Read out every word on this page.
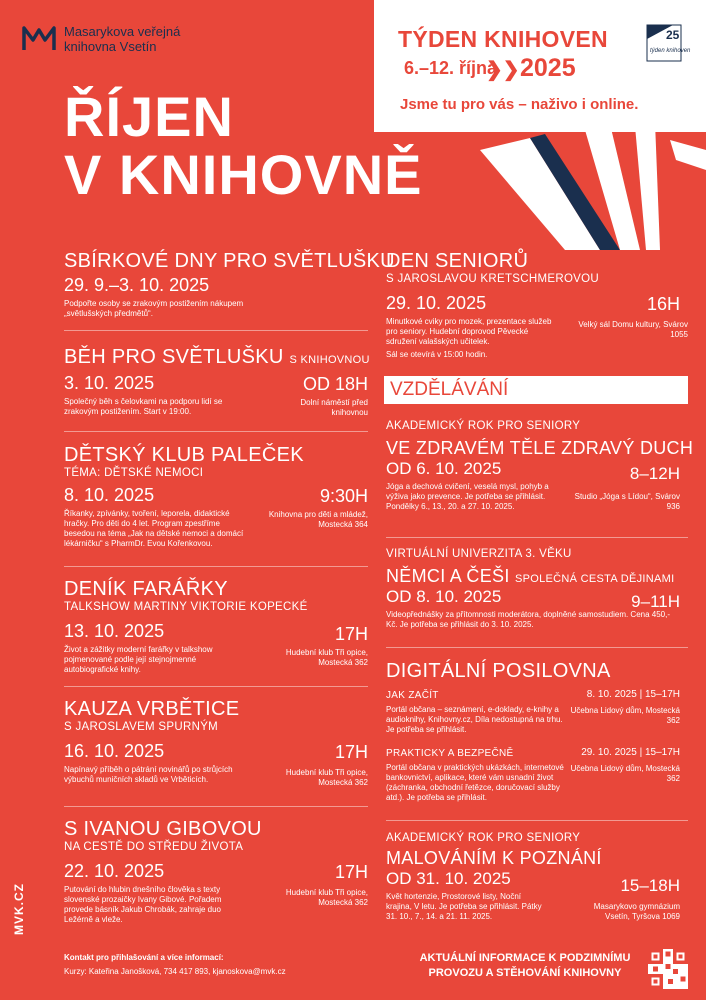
Masarykova veřejná
knihovna Vsetín	TÝDEN KNIHOVEN
6.–12. října
❯❯ 2025
Jsme tu pro vás – naživo i online.
25
týden knihoven
ŘÍJEN
V KNIHOVNĚ
SBÍRKOVÉ DNY PRO SVĚTLUŠKU
29. 9.–3. 10. 2025
Podpořte osoby se zrakovým postižením nákupem „světlušských předmětů“.
BĚH PRO SVĚTLUŠKU S KNIHOVNOU
3. 10. 2025	OD 18H
Společný běh s čelovkami na podporu lidí se zrakovým postižením. Start v 19:00.
Dolní náměstí před knihovnou
DĚTSKÝ KLUB PALEČEK
TÉMA: DĚTSKÉ NEMOCI
8. 10. 2025	9:30H
Říkanky, zpívánky, tvoření, leporela, didaktické hračky. Pro děti do 4 let. Program zpestříme besedou na téma „Jak na dětské nemoci a domácí lékárničku“ s PharmDr. Evou Kořenkovou.
Knihovna pro děti a mládež, Mostecká 364
DENÍK FARÁŘKY
TALKSHOW MARTINY VIKTORIE KOPECKÉ
13. 10. 2025	17H
Život a zážitky moderní farářky v talkshow pojmenované podle její stejnojmenné autobiografické knihy.
Hudební klub Tři opice, Mostecká 362
KAUZA VRBĚTICE
S JAROSLAVEM SPURNÝM
16. 10. 2025	17H
Napínavý příběh o pátrání novinářů po strůjcích výbuchů muničních skladů ve Vrběticích.
Hudební klub Tři opice, Mostecká 362
S IVANOU GIBOVOU
NA CESTĚ DO STŘEDU ŽIVOTA
22. 10. 2025	17H
Putování do hlubin dnešního člověka s texty slovenské prozaičky Ivany Gibové. Pořadem provede básník Jakub Chrobák, zahraje duo Ležérně a vleže.
Hudební klub Tři opice, Mostecká 362
DEN SENIORŮ
S JAROSLAVOU KRETSCHMEROVOU
29. 10. 2025	16H
Minutkové cviky pro mozek, prezentace služeb pro seniory. Hudební doprovod Pěvecké sdružení valašských učitelek.
Sál se otevírá v 15:00 hodin.
Velký sál Domu kultury, Svárov 1055
VZDĚLÁVÁNÍ
AKADEMICKÝ ROK PRO SENIORY
VE ZDRAVÉM TĚLE ZDRAVÝ DUCH
OD 6. 10. 2025	8–12H
Jóga a dechová cvičení, veselá mysl, pohyb a výživa jako prevence. Je potřeba se přihlásit. Pondělky 6., 13., 20. a 27. 10. 2025.
Studio „Jóga s Lídou“, Svárov 936
VIRTUÁLNÍ UNIVERZITA 3. VĚKU
NĚMCI A ČEŠI SPOLEČNÁ CESTA DĚJINAMI
OD 8. 10. 2025	9–11H
Videopřednášky za přítomnosti moderátora, doplněné samostudiem. Cena 450,- Kč. Je potřeba se přihlásit do 3. 10. 2025.
DIGITÁLNÍ POSILOVNA
JAK ZAČÍT	8. 10. 2025 | 15–17H
Portál občana – seznámení, e-doklady, e-knihy a audioknihy, Knihovny.cz, Díla nedostupná na trhu. Je potřeba se přihlásit.
Učebna Lidový dům, Mostecká 362
PRAKTICKY A BEZPEČNĚ	29. 10. 2025 | 15–17H
Portál občana v praktických ukázkách, internetové bankovnictví, aplikace, které vám usnadní život (záchranka, obchodní řetězce, doručovací služby atd.). Je potřeba se přihlásit.
Učebna Lidový dům, Mostecká 362
AKADEMICKÝ ROK PRO SENIORY
MALOVÁNÍM K POZNÁNÍ
OD 31. 10. 2025	15–18H
Květ hortenzie, Prostorové listy, Noční krajina, V letu. Je potřeba se přihlásit. Pátky 31. 10., 7., 14. a 21. 11. 2025.
Masarykovo gymnázium Vsetín, Tyršova 1069
MVK.CZ
Kontakt pro přihlašování a více informací:
Kurzy: Kateřina Janošková, 734 417 893, kjanoskova@mvk.cz
AKTUÁLNÍ INFORMACE K PODZIMNÍMU PROVOZU A STĚHOVÁNÍ KNIHOVNY
